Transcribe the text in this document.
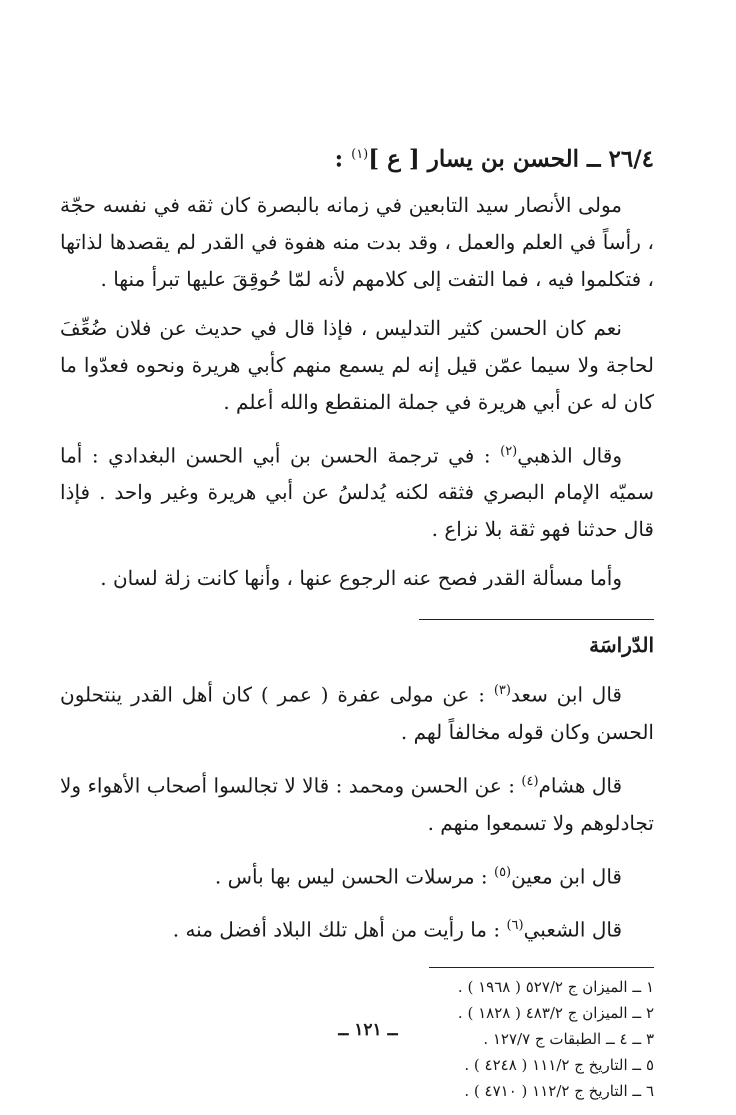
٢٦/٤ ــ الحسن بن يسار [ ع ]$^{(١)}$ :

مولى الأنصار سيد التابعين في زمانه بالبصرة كان ثقه في نفسه حجّة ، رأساً في العلم والعمل ، وقد بدت منه هفوة في القدر لم يقصدها لذاتها ، فتكلموا فيه ، فما التفت إلى كلامهم لأنه لمّا حُوقِقَ عليها تبرأ منها .

نعم كان الحسن كثير التدليس ، فإذا قال في حديث عن فلان ضُعِّفَ لحاجة ولا سيما عمّن قيل إنه لم يسمع منهم كأبي هريرة ونحوه فعدّوا ما كان له عن أبي هريرة في جملة المنقطع والله أعلم .

وقال الذهبي$^{(٢)}$ : في ترجمة الحسن بن أبي الحسن البغدادي : أما سميّه الإمام البصري فثقه لكنه يُدلسُ عن أبي هريرة وغير واحد . فإذا قال حدثنا فهو ثقة بلا نزاع .

وأما مسألة القدر فصح عنه الرجوع عنها ، وأنها كانت زلة لسان .

الدّراسَة

قال ابن سعد$^{(٣)}$ : عن مولى عفرة ( عمر ) كان أهل القدر ينتحلون الحسن وكان قوله مخالفاً لهم .

قال هشام$^{(٤)}$ : عن الحسن ومحمد : قالا لا تجالسوا أصحاب الأهواء ولا تجادلوهم ولا تسمعوا منهم .

قال ابن معين$^{(٥)}$ : مرسلات الحسن ليس بها بأس .

قال الشعبي$^{(٦)}$ : ما رأيت من أهل تلك البلاد أفضل منه .

١ ــ الميزان ج ٥٢٧/٢ ( ١٩٦٨ ) .
٢ ــ الميزان ج ٤٨٣/٢ ( ١٨٢٨ ) .
٣ ــ ٤ ــ الطبقات ج ١٢٧/٧ .
٥ ــ التاريخ ج ١١١/٢ ( ٤٢٤٨ ) .
٦ ــ التاريخ ج ١١٢/٢ ( ٤٧١٠ ) .
ــ ١٢١ ــ
